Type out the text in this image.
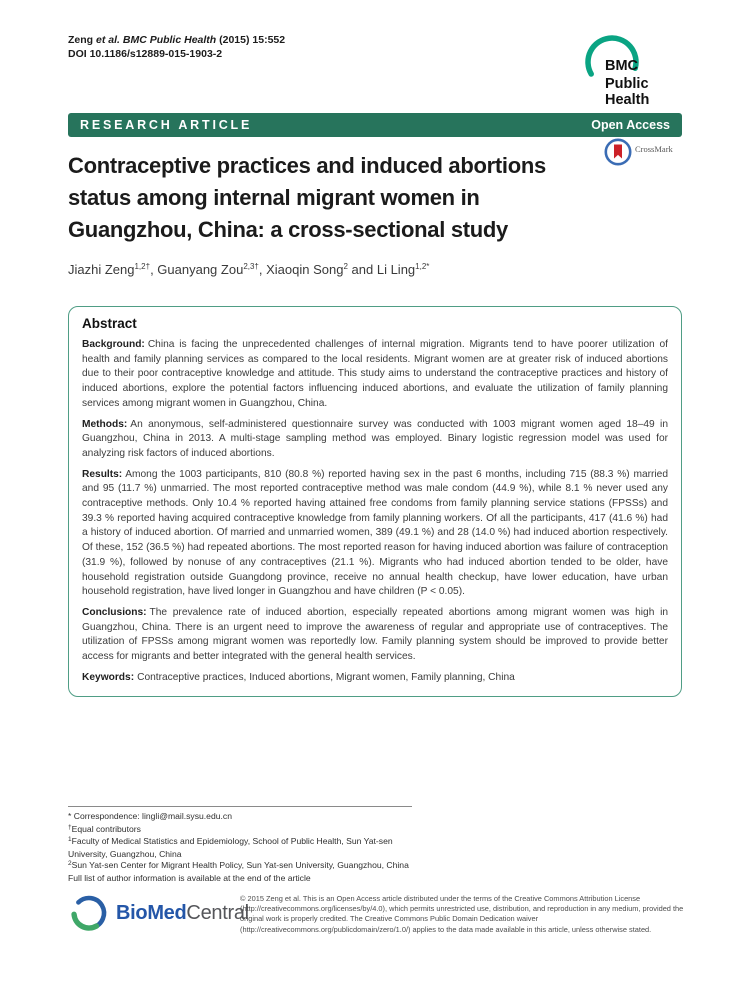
Zeng et al. BMC Public Health (2015) 15:552
DOI 10.1186/s12889-015-1903-2
BMC
Public Health
RESEARCH ARTICLE	Open Access
Contraceptive practices and induced abortions
status among internal migrant women in
Guangzhou, China: a cross-sectional study
CrossMark
Jiazhi Zeng$^{1,2\dagger}$, Guanyang Zou$^{2,3\dagger}$, Xiaoqin Song$^2$ and Li Ling$^{1,2*}$
Abstract

Background: China is facing the unprecedented challenges of internal migration. Migrants tend to have poorer utilization of health and family planning services as compared to the local residents. Migrant women are at greater risk of induced abortions due to their poor contraceptive knowledge and attitude. This study aims to understand the contraceptive practices and history of induced abortions, explore the potential factors influencing induced abortions, and evaluate the utilization of family planning services among migrant women in Guangzhou, China.

Methods: An anonymous, self-administered questionnaire survey was conducted with 1003 migrant women aged 18–49 in Guangzhou, China in 2013. A multi-stage sampling method was employed. Binary logistic regression model was used for analyzing risk factors of induced abortions.

Results: Among the 1003 participants, 810 (80.8 %) reported having sex in the past 6 months, including 715 (88.3 %) married and 95 (11.7 %) unmarried. The most reported contraceptive method was male condom (44.9 %), while 8.1 % never used any contraceptive methods. Only 10.4 % reported having attained free condoms from family planning service stations (FPSSs) and 39.3 % reported having acquired contraceptive knowledge from family planning workers. Of all the participants, 417 (41.6 %) had a history of induced abortion. Of married and unmarried women, 389 (49.1 %) and 28 (14.0 %) had induced abortion respectively. Of these, 152 (36.5 %) had repeated abortions. The most reported reason for having induced abortion was failure of contraception (31.9 %), followed by nonuse of any contraceptives (21.1 %). Migrants who had induced abortion tended to be older, have household registration outside Guangdong province, receive no annual health checkup, have lower education, have urban household registration, have lived longer in Guangzhou and have children (P < 0.05).

Conclusions: The prevalence rate of induced abortion, especially repeated abortions among migrant women was high in Guangzhou, China. There is an urgent need to improve the awareness of regular and appropriate use of contraceptives. The utilization of FPSSs among migrant women was reportedly low. Family planning system should be improved to provide better access for migrants and better integrated with the general health services.

Keywords: Contraceptive practices, Induced abortions, Migrant women, Family planning, China

* Correspondence: lingli@mail.sysu.edu.cn
†Equal contributors
$^1$Faculty of Medical Statistics and Epidemiology, School of Public Health, Sun Yat-sen University, Guangzhou, China
$^2$Sun Yat-sen Center for Migrant Health Policy, Sun Yat-sen University, Guangzhou, China
Full list of author information is available at the end of the article
BioMed Central
© 2015 Zeng et al. This is an Open Access article distributed under the terms of the Creative Commons Attribution License (http://creativecommons.org/licenses/by/4.0), which permits unrestricted use, distribution, and reproduction in any medium, provided the original work is properly credited. The Creative Commons Public Domain Dedication waiver (http://creativecommons.org/publicdomain/zero/1.0/) applies to the data made available in this article, unless otherwise stated.
